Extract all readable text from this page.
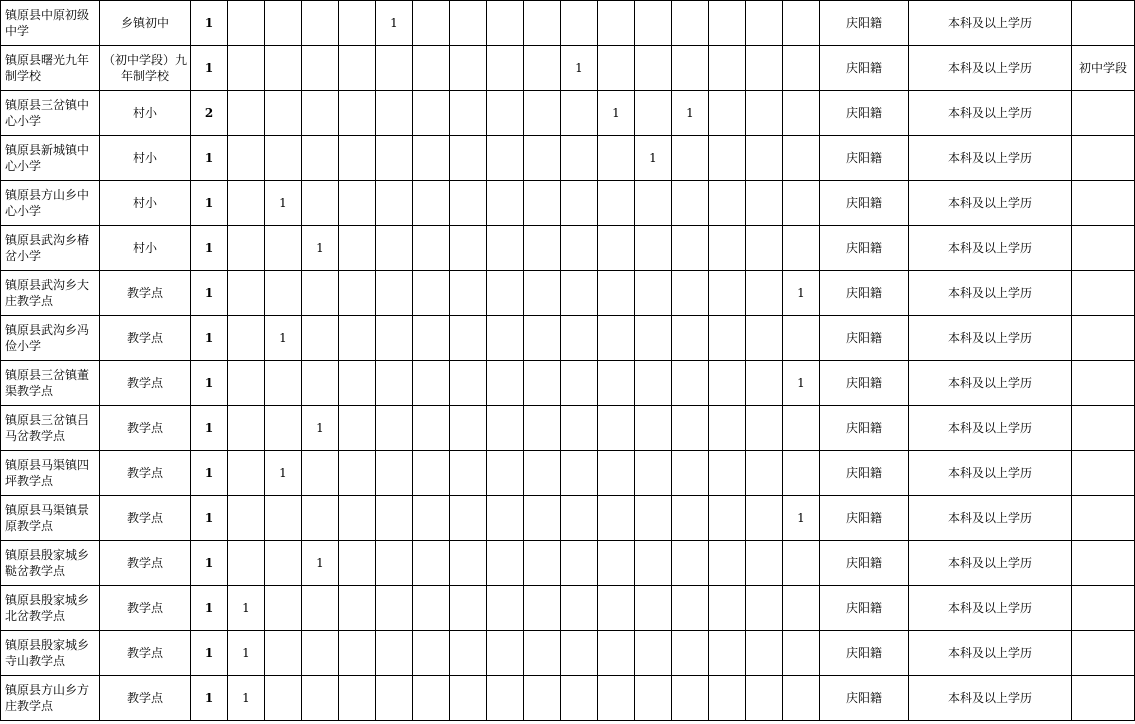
镇原县中原初级中学	乡镇初中	1					1												庆阳籍	本科及以上学历	
镇原县曙光九年制学校	（初中学段）九年制学校	1										1							庆阳籍	本科及以上学历	初中学段
镇原县三岔镇中心小学	村小	2											1		1				庆阳籍	本科及以上学历	
镇原县新城镇中心小学	村小	1												1					庆阳籍	本科及以上学历	
镇原县方山乡中心小学	村小	1		1															庆阳籍	本科及以上学历	
镇原县武沟乡椿岔小学	村小	1			1														庆阳籍	本科及以上学历	
镇原县武沟乡大庄教学点	教学点	1																1	庆阳籍	本科及以上学历	
镇原县武沟乡冯俭小学	教学点	1		1															庆阳籍	本科及以上学历	
镇原县三岔镇董渠教学点	教学点	1																1	庆阳籍	本科及以上学历	
镇原县三岔镇吕马岔教学点	教学点	1			1														庆阳籍	本科及以上学历	
镇原县马渠镇四坪教学点	教学点	1		1															庆阳籍	本科及以上学历	
镇原县马渠镇景原教学点	教学点	1																1	庆阳籍	本科及以上学历	
镇原县殷家城乡鞑岔教学点	教学点	1			1														庆阳籍	本科及以上学历	
镇原县殷家城乡北岔教学点	教学点	1	1																庆阳籍	本科及以上学历	
镇原县殷家城乡寺山教学点	教学点	1	1																庆阳籍	本科及以上学历	
镇原县方山乡方庄教学点	教学点	1	1																庆阳籍	本科及以上学历	
